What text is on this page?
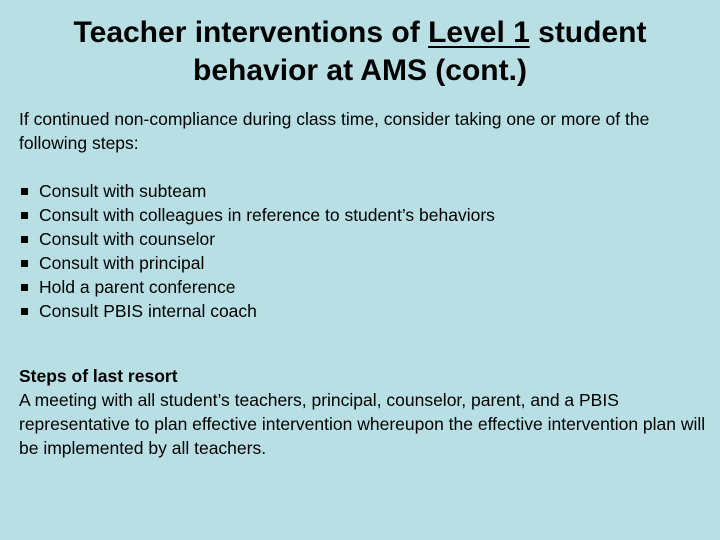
Teacher interventions of Level 1 student behavior at AMS (cont.)

If continued non-compliance during class time, consider taking one or more of the following steps:

Consult with subteam
Consult with colleagues in reference to student’s behaviors
Consult with counselor
Consult with principal
Hold a parent conference
Consult PBIS internal coach

Steps of last resort

A meeting with all student’s teachers, principal, counselor, parent, and a PBIS representative to plan effective intervention whereupon the effective intervention plan will be implemented by all teachers.
